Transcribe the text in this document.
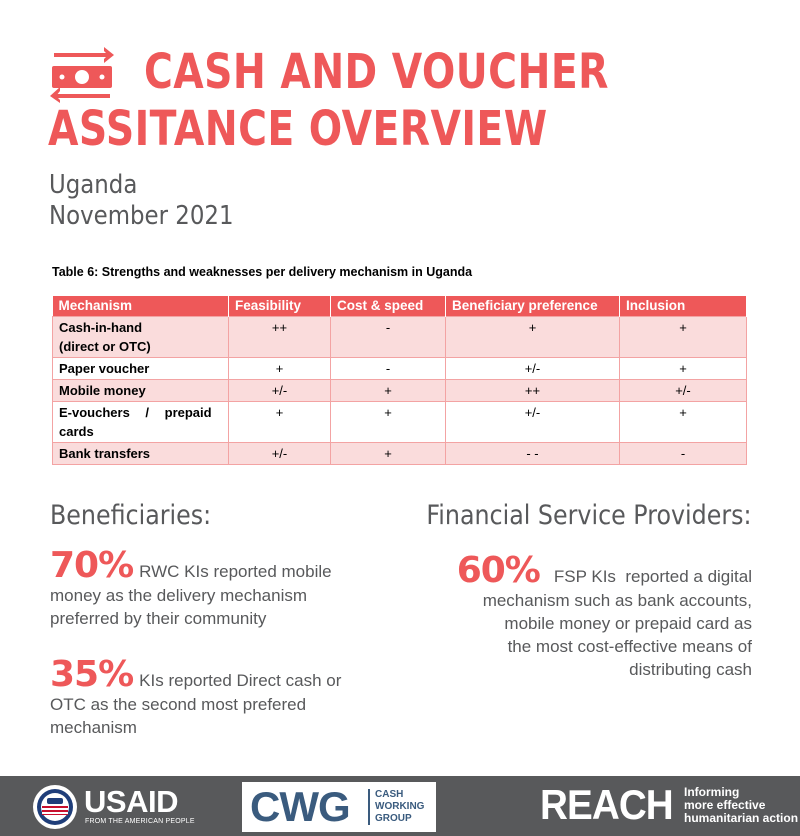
CASH AND VOUCHER
ASSITANCE OVERVIEW
Uganda
November 2021
Table 6: Strengths and weaknesses per delivery mechanism in Uganda
Mechanism	Feasibility	Cost & speed	Beneficiary preference	Inclusion
Cash-in-hand
(direct or OTC)	++	-	+	+
Paper voucher	+	-	+/-	+
Mobile money	+/-	+	++	+/-

E-vouchers / prepaid
cards	+	+	+/-	+
Bank transfers	+/-	+	- -	-
Beneficiaries:
70% RWC KIs reported mobile money as the delivery mechanism preferred by their community
35% KIs reported Direct cash or OTC as the second most prefered mechanism
Financial Service Providers:
60% FSP KIs  reported a digital
mechanism such as bank accounts,
mobile money or prepaid card as
the most cost-effective means of
distributing cash
USAID
FROM THE AMERICAN PEOPLE CWG	CASH
WORKING
GROUP	REACH Informing
more effective
humanitarian action
